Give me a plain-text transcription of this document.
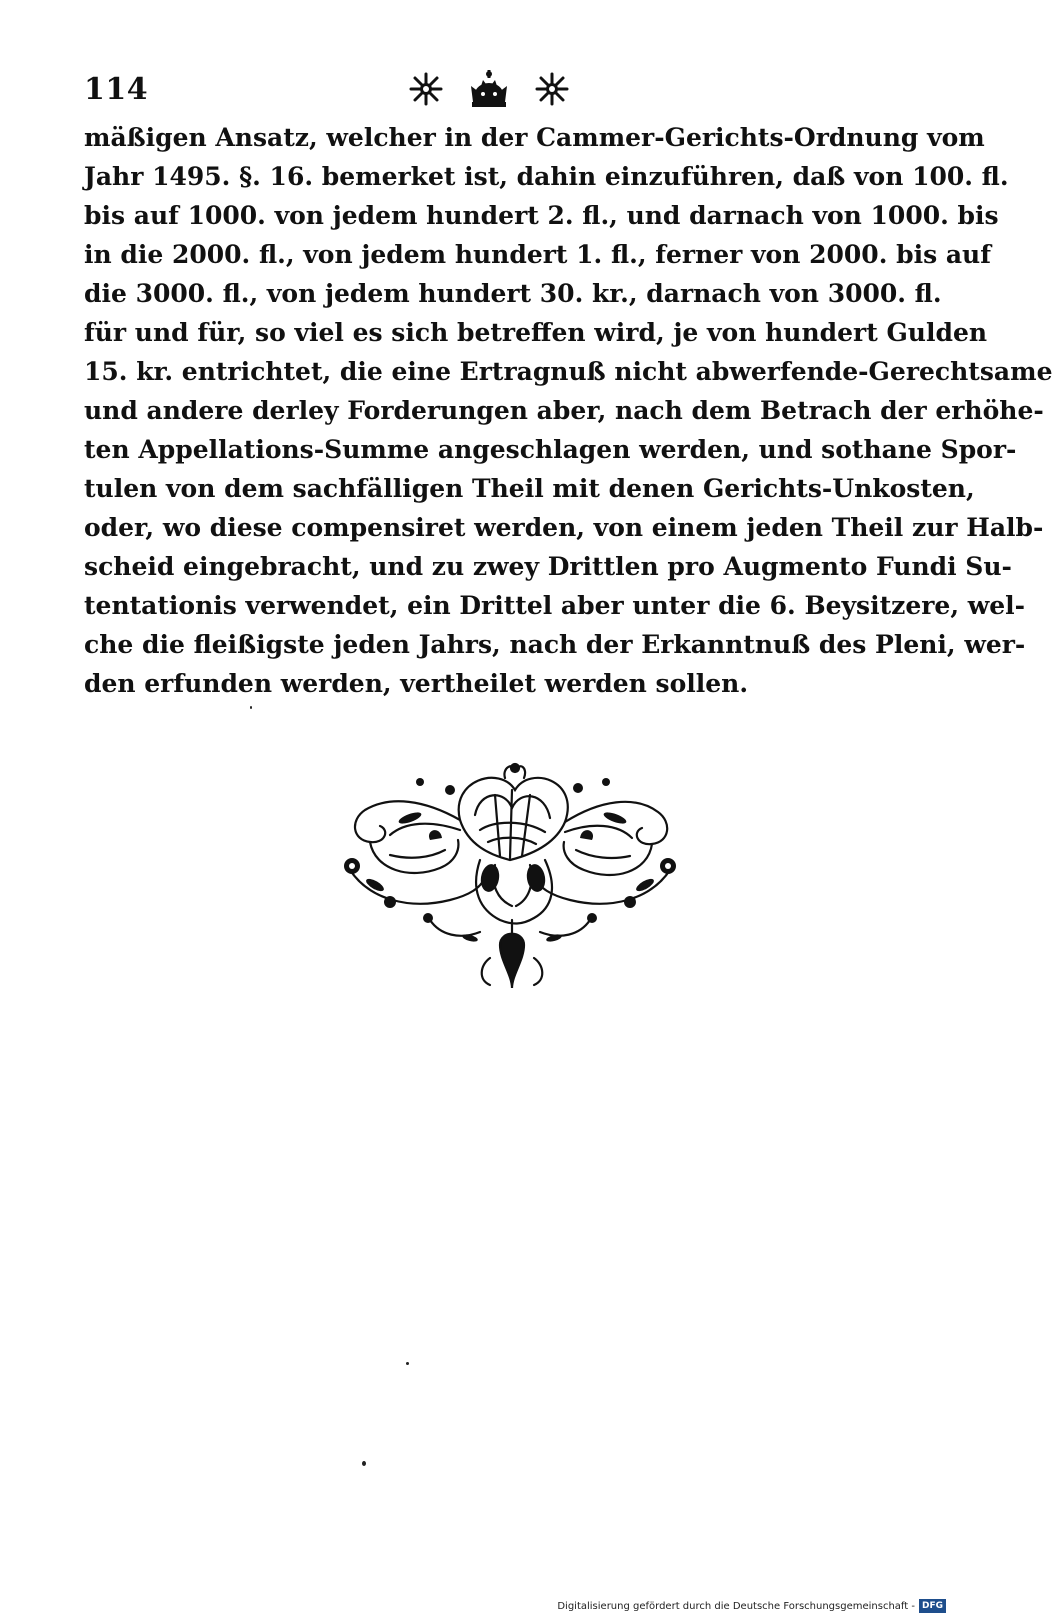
114
mäßigen Ansatz, welcher in der Cammer-Gerichts-Ordnung vom
Jahr 1495. §. 16. bemerket ist, dahin einzuführen, daß von 100. fl.
bis auf 1000. von jedem hundert 2. fl., und darnach von 1000. bis
in die 2000. fl., von jedem hundert 1. fl., ferner von 2000. bis auf
die 3000. fl., von jedem hundert 30. kr., darnach von 3000. fl.
für und für, so viel es sich betreffen wird, je von hundert Gulden
15. kr. entrichtet, die eine Ertragnuß nicht abwerfende-Gerechtsame
und andere derley Forderungen aber, nach dem Betrach der erhöhe-
ten Appellations-Summe angeschlagen werden, und sothane Spor-
tulen von dem sachfälligen Theil mit denen Gerichts-Unkosten,
oder, wo diese compensiret werden, von einem jeden Theil zur Halb-
scheid eingebracht, und zu zwey Drittlen pro Augmento Fundi Su-
tentationis verwendet, ein Drittel aber unter die 6. Beysitzere, wel-
che die fleißigste jeden Jahrs, nach der Erkanntnuß des Pleni, wer-
den erfunden werden, vertheilet werden sollen.
Digitalisierung gefördert durch die Deutsche Forschungsgemeinschaft - DFG
